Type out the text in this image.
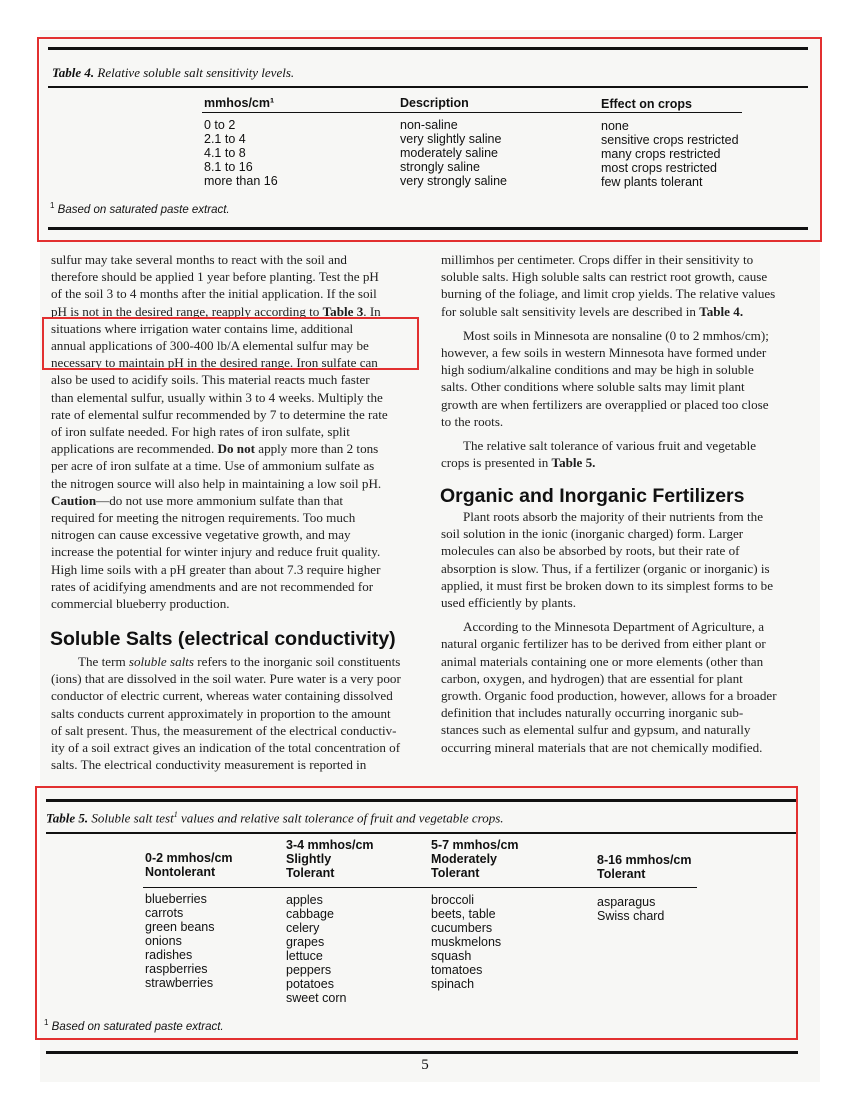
Table 4. Relative soluble salt sensitivity levels.
mmhos/cm¹	Description	Effect on crops
0 to 2
2.1 to 4
4.1 to 8
8.1 to 16
more than 16
non-saline
very slightly saline
moderately saline
strongly saline
very strongly saline
none
sensitive crops restricted
many crops restricted
most crops restricted
few plants tolerant
$^1$ Based on saturated paste extract.

sulfur may take several months to react with the soil and
therefore should be applied 1 year before planting. Test the pH
of the soil 3 to 4 months after the initial application. If the soil
pH is not in the desired range, reapply according to Table 3. In
situations where irrigation water contains lime, additional
annual applications of 300-400 lb/A elemental sulfur may be
necessary to maintain pH in the desired range. Iron sulfate can
also be used to acidify soils. This material reacts much faster
than elemental sulfur, usually within 3 to 4 weeks. Multiply the
rate of elemental sulfur recommended by 7 to determine the rate
of iron sulfate needed. For high rates of iron sulfate, split
applications are recommended. Do not apply more than 2 tons
per acre of iron sulfate at a time. Use of ammonium sulfate as
the nitrogen source will also help in maintaining a low soil pH.
Caution—do not use more ammonium sulfate than that
required for meeting the nitrogen requirements. Too much
nitrogen can cause excessive vegetative growth, and may
increase the potential for winter injury and reduce fruit quality.
High lime soils with a pH greater than about 7.3 require higher
rates of acidifying amendments and are not recommended for
commercial blueberry production.

Soluble Salts (electrical conductivity)

The term soluble salts refers to the inorganic soil constituents
(ions) that are dissolved in the soil water. Pure water is a very poor
conductor of electric current, whereas water containing dissolved
salts conducts current approximately in proportion to the amount
of salt present. Thus, the measurement of the electrical conductiv-
ity of a soil extract gives an indication of the total concentration of
salts. The electrical conductivity measurement is reported in

millimhos per centimeter. Crops differ in their sensitivity to
soluble salts. High soluble salts can restrict root growth, cause
burning of the foliage, and limit crop yields. The relative values
for soluble salt sensitivity levels are described in Table 4.

Most soils in Minnesota are nonsaline (0 to 2 mmhos/cm);
however, a few soils in western Minnesota have formed under
high sodium/alkaline conditions and may be high in soluble
salts. Other conditions where soluble salts may limit plant
growth are when fertilizers are overapplied or placed too close
to the roots.

The relative salt tolerance of various fruit and vegetable
crops is presented in Table 5.

Organic and Inorganic Fertilizers

Plant roots absorb the majority of their nutrients from the
soil solution in the ionic (inorganic charged) form. Larger
molecules can also be absorbed by roots, but their rate of
absorption is slow. Thus, if a fertilizer (organic or inorganic) is
applied, it must first be broken down to its simplest forms to be
used efficiently by plants.

According to the Minnesota Department of Agriculture, a
natural organic fertilizer has to be derived from either plant or
animal materials containing one or more elements (other than
carbon, oxygen, and hydrogen) that are essential for plant
growth. Organic food production, however, allows for a broader
definition that includes naturally occurring inorganic sub-
stances such as elemental sulfur and gypsum, and naturally
occurring mineral materials that are not chemically modified.

Table 5. Soluble salt test$^1$ values and relative salt tolerance of fruit and vegetable crops.
0-2 mmhos/cm
Nontolerant
3-4 mmhos/cm
Slightly
Tolerant
5-7 mmhos/cm
Moderately
Tolerant
8-16 mmhos/cm
Tolerant
blueberries
carrots
green beans
onions
radishes
raspberries
strawberries
apples
cabbage
celery
grapes
lettuce
peppers
potatoes
sweet corn
broccoli
beets, table
cucumbers
muskmelons
squash
tomatoes
spinach
asparagus
Swiss chard
$^1$ Based on saturated paste extract.
5
